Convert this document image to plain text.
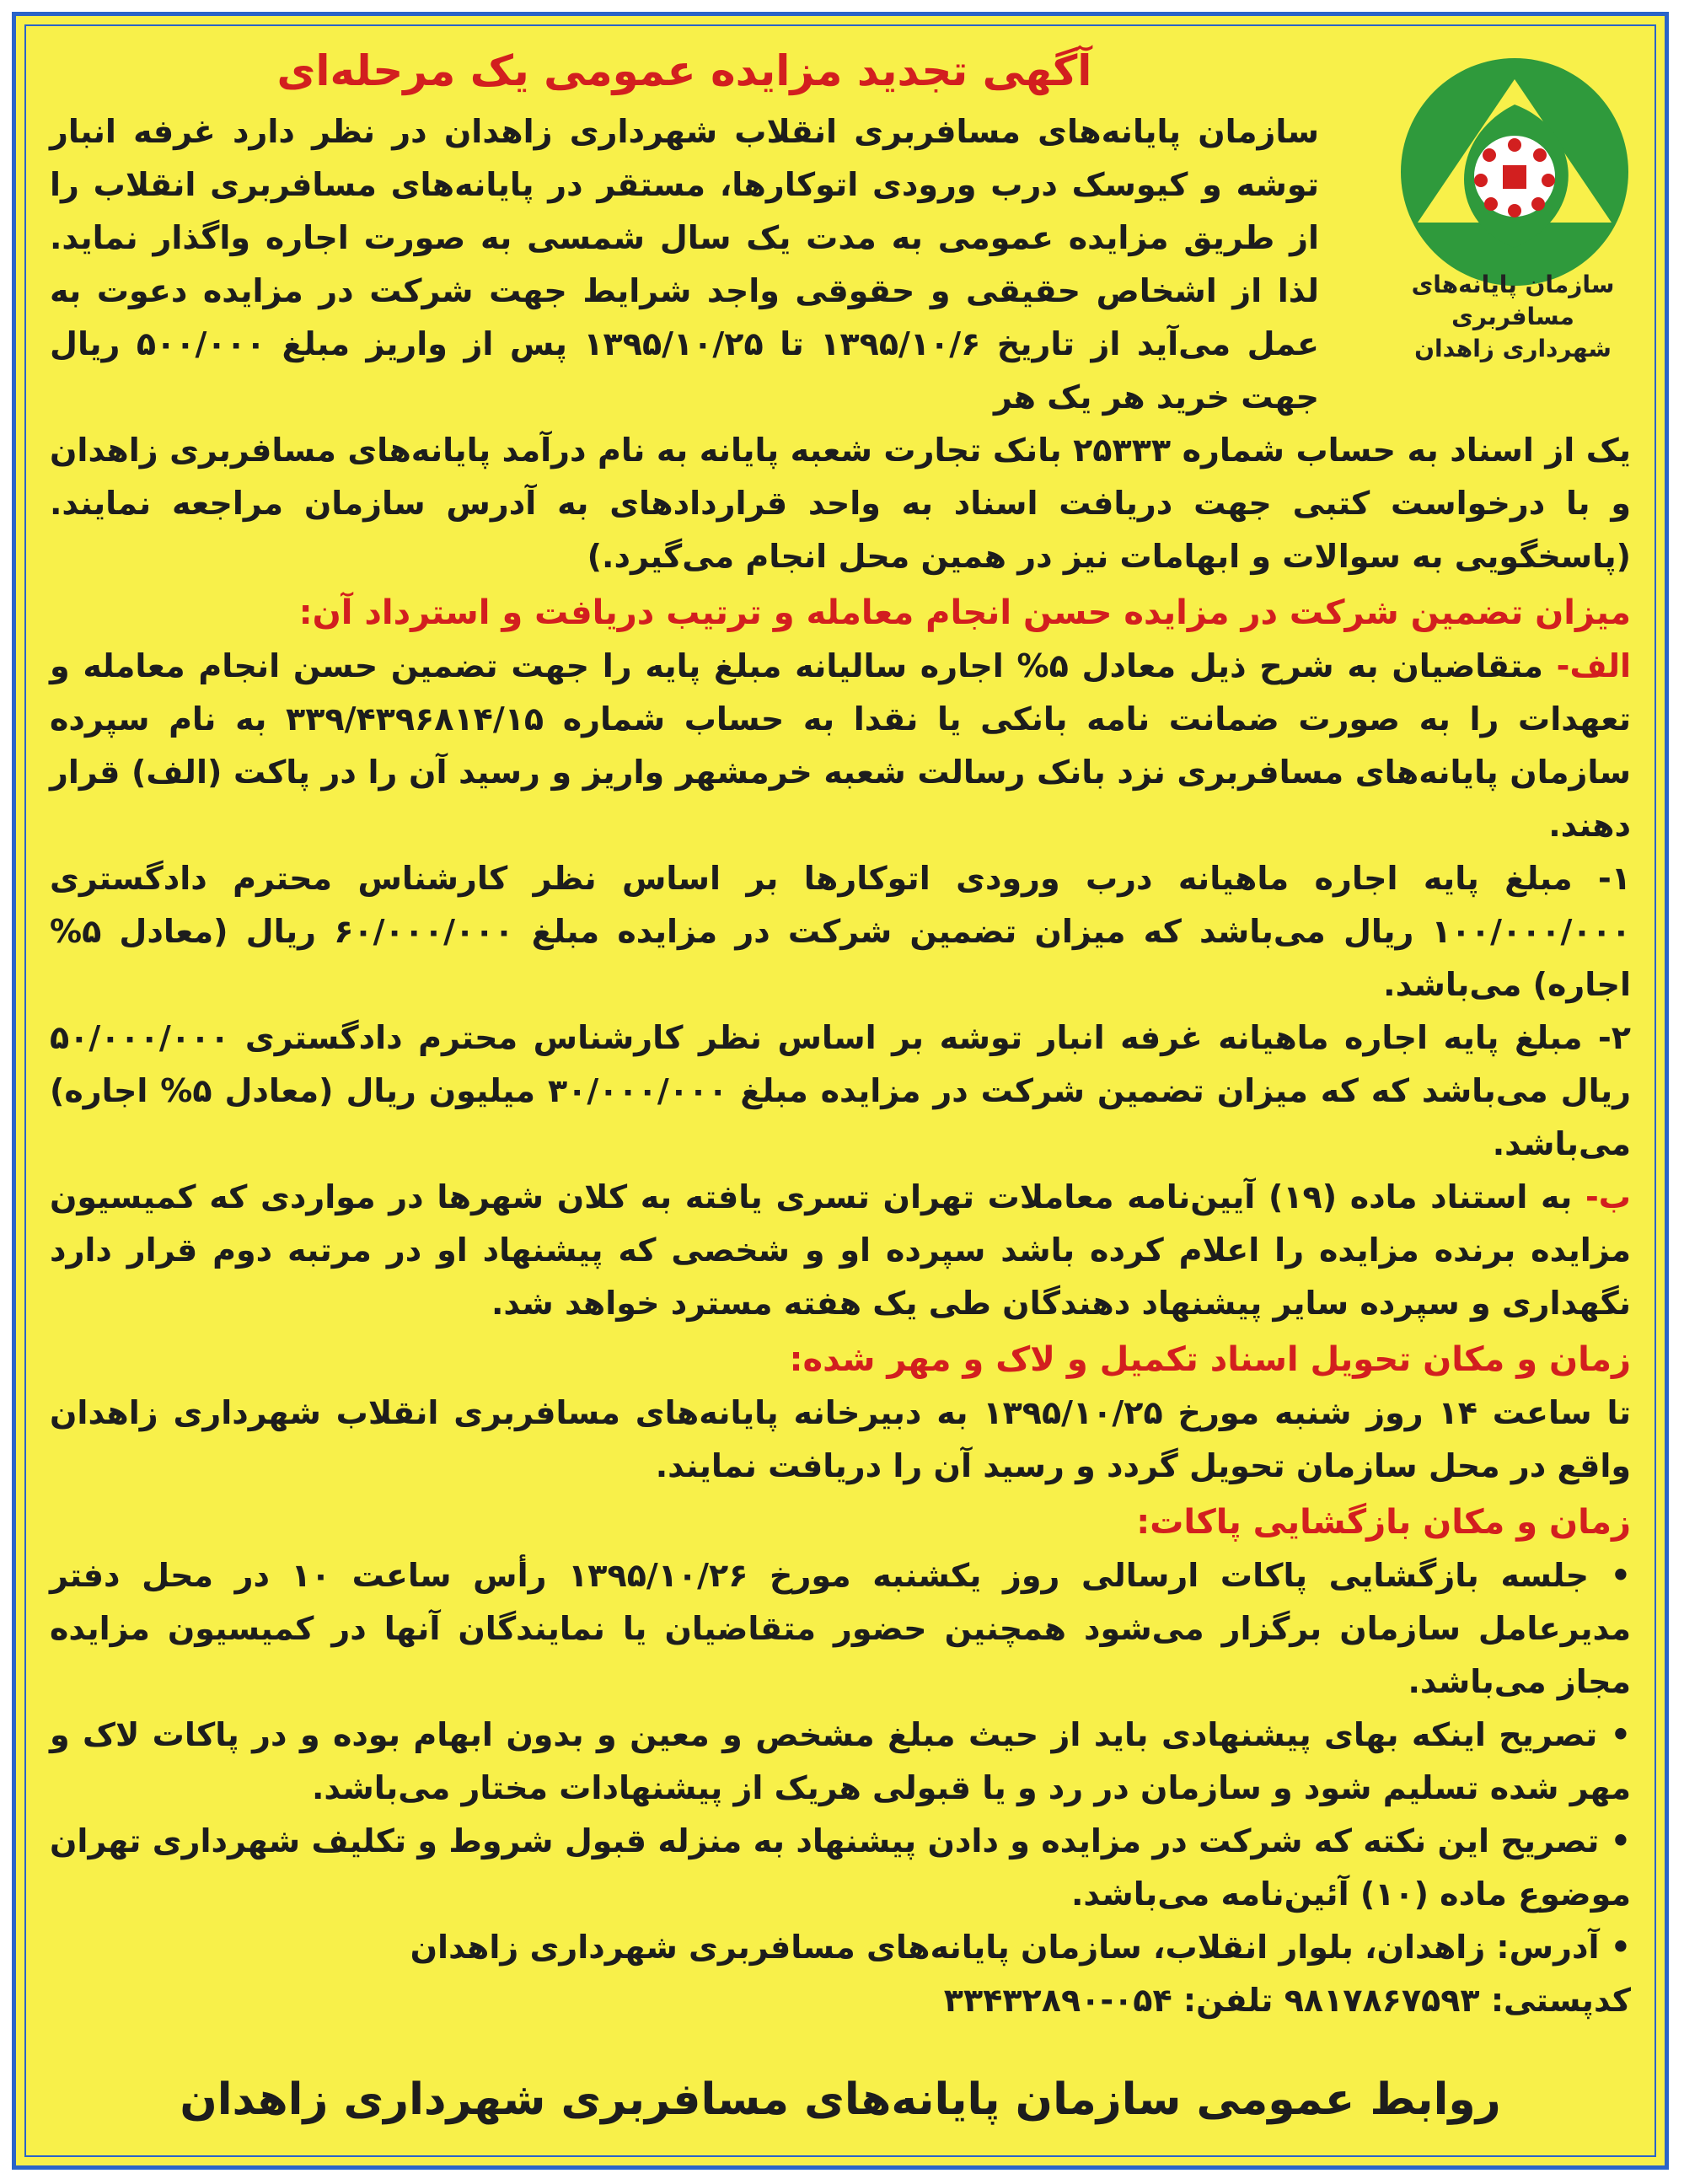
سازمان پایانه‌های مسافربری
شهرداری زاهدان
آگهی تجدید مزایده عمومی یک مرحله‌ای

سازمان پایانه‌های مسافربری انقلاب شهرداری زاهدان در نظر دارد غرفه انبار توشه و کیوسک درب ورودی اتوکارها، مستقر در پایانه‌های مسافربری انقلاب را از طریق مزایده عمومی به مدت یک سال شمسی به صورت اجاره واگذار نماید. لذا از اشخاص حقیقی و حقوقی واجد شرایط جهت شرکت در مزایده دعوت به عمل می‌آید از تاریخ ۱۳۹۵/۱۰/۶ تا ۱۳۹۵/۱۰/۲۵ پس از واریز مبلغ ۵۰۰/۰۰۰ ریال جهت خرید هر یک هر

یک از اسناد به حساب شماره ۲۵۳۳۳ بانک تجارت شعبه پایانه به نام درآمد پایانه‌های مسافربری زاهدان و با درخواست کتبی جهت دریافت اسناد به واحد قراردادهای به آدرس سازمان مراجعه نمایند. (پاسخگویی به سوالات و ابهامات نیز در همین محل انجام می‌گیرد.)

میزان تضمین شرکت در مزایده حسن انجام معامله و ترتیب دریافت و استرداد آن:

الف- متقاضیان به شرح ذیل معادل ۵% اجاره سالیانه مبلغ پایه را جهت تضمین حسن انجام معامله و تعهدات را به صورت ضمانت نامه بانکی یا نقدا به حساب شماره ۳۳۹/۴۳۹۶۸۱۴/۱۵ به نام سپرده سازمان پایانه‌های مسافربری نزد بانک رسالت شعبه خرمشهر واریز و رسید آن را در پاکت (الف) قرار دهند.

۱- مبلغ پایه اجاره ماهیانه درب ورودی اتوکارها بر اساس نظر کارشناس محترم دادگستری ۱۰۰/۰۰۰/۰۰۰ ریال می‌باشد که میزان تضمین شرکت در مزایده مبلغ ۶۰/۰۰۰/۰۰۰ ریال (معادل ۵% اجاره) می‌باشد.

۲- مبلغ پایه اجاره ماهیانه غرفه انبار توشه بر اساس نظر کارشناس محترم دادگستری ۵۰/۰۰۰/۰۰۰ ریال می‌باشد که که میزان تضمین شرکت در مزایده مبلغ ۳۰/۰۰۰/۰۰۰ میلیون ریال (معادل ۵% اجاره) می‌باشد.

ب- به استناد ماده (۱۹) آیین‌نامه معاملات تهران تسری یافته به کلان شهرها در مواردی که کمیسیون مزایده برنده مزایده را اعلام کرده باشد سپرده او و شخصی که پیشنهاد او در مرتبه دوم قرار دارد نگهداری و سپرده سایر پیشنهاد دهندگان طی یک هفته مسترد خواهد شد.

زمان و مکان تحویل اسناد تکمیل و لاک و مهر شده:

تا ساعت ۱۴ روز شنبه مورخ ۱۳۹۵/۱۰/۲۵ به دبیرخانه پایانه‌های مسافربری انقلاب شهرداری زاهدان واقع در محل سازمان تحویل گردد و رسید آن را دریافت نمایند.

زمان و مکان بازگشایی پاکات:

• جلسه بازگشایی پاکات ارسالی روز یکشنبه مورخ ۱۳۹۵/۱۰/۲۶ رأس ساعت ۱۰ در محل دفتر مدیرعامل سازمان برگزار می‌شود همچنین حضور متقاضیان یا نمایندگان آنها در کمیسیون مزایده مجاز می‌باشد.

• تصریح اینکه بهای پیشنهادی باید از حیث مبلغ مشخص و معین و بدون ابهام بوده و در پاکات لاک و مهر شده تسلیم شود و سازمان در رد و یا قبولی هریک از پیشنهادات مختار می‌باشد.

• تصریح این نکته که شرکت در مزایده و دادن پیشنهاد به منزله قبول شروط و تکلیف شهرداری تهران موضوع ماده (۱۰) آئین‌نامه می‌باشد.

• آدرس: زاهدان، بلوار انقلاب، سازمان پایانه‌های مسافربری شهرداری زاهدان

کدپستی: ۹۸۱۷۸۶۷۵۹۳ تلفن: ۰۵۴-۳۳۴۳۲۸۹۰

روابط عمومی سازمان پایانه‌های مسافربری شهرداری زاهدان
